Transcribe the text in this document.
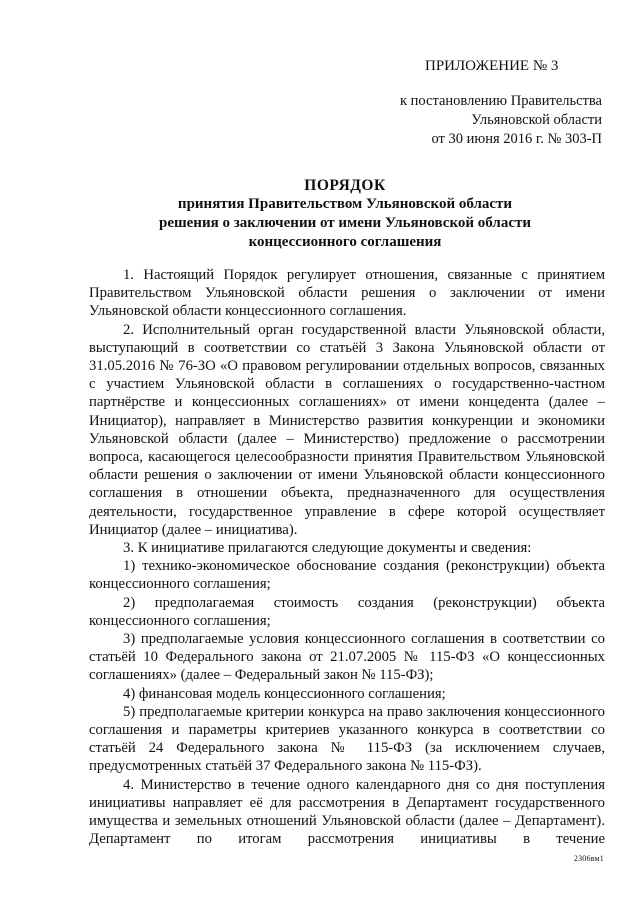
ПРИЛОЖЕНИЕ № 3
к постановлению Правительства
Ульяновской области
от 30 июня 2016 г. № 303-П
ПОРЯДОК
принятия Правительством Ульяновской области
решения о заключении от имени Ульяновской области
концессионного соглашения

1. Настоящий Порядок регулирует отношения, связанные с принятием Правительством Ульяновской области решения о заключении от имени Ульяновской области концессионного соглашения.

2. Исполнительный орган государственной власти Ульяновской области, выступающий в соответствии со статьёй 3 Закона Ульяновской области от 31.05.2016 № 76-ЗО «О правовом регулировании отдельных вопросов, связанных с участием Ульяновской области в соглашениях о государственно-частном партнёрстве и концессионных соглашениях» от имени концедента (далее – Инициатор), направляет в Министерство развития конкуренции и экономики Ульяновской области (далее – Министерство) предложение о рассмотрении вопроса, касающегося целесообразности принятия Правительством Ульяновской области решения о заключении от имени Ульяновской области концессионного соглашения в отношении объекта, предназначенного для осуществления деятельности, государственное управление в сфере которой осуществляет Инициатор (далее – инициатива).

3. К инициативе прилагаются следующие документы и сведения:

1) технико-экономическое обоснование создания (реконструкции) объекта концессионного соглашения;

2) предполагаемая стоимость создания (реконструкции) объекта концессионного соглашения;

3) предполагаемые условия концессионного соглашения в соответствии со статьёй 10 Федерального закона от 21.07.2005 № 115-ФЗ «О концессионных соглашениях» (далее – Федеральный закон № 115-ФЗ);

4) финансовая модель концессионного соглашения;

5) предполагаемые критерии конкурса на право заключения концессионного соглашения и параметры критериев указанного конкурса в соответствии со статьёй 24 Федерального закона № 115-ФЗ (за исключением случаев, предусмотренных статьёй 37 Федерального закона № 115-ФЗ).

4. Министерство в течение одного календарного дня со дня поступления инициативы направляет её для рассмотрения в Департамент государственного имущества и земельных отношений Ульяновской области (далее – Департамент). Департамент по итогам рассмотрения инициативы в течение

2306вм1
